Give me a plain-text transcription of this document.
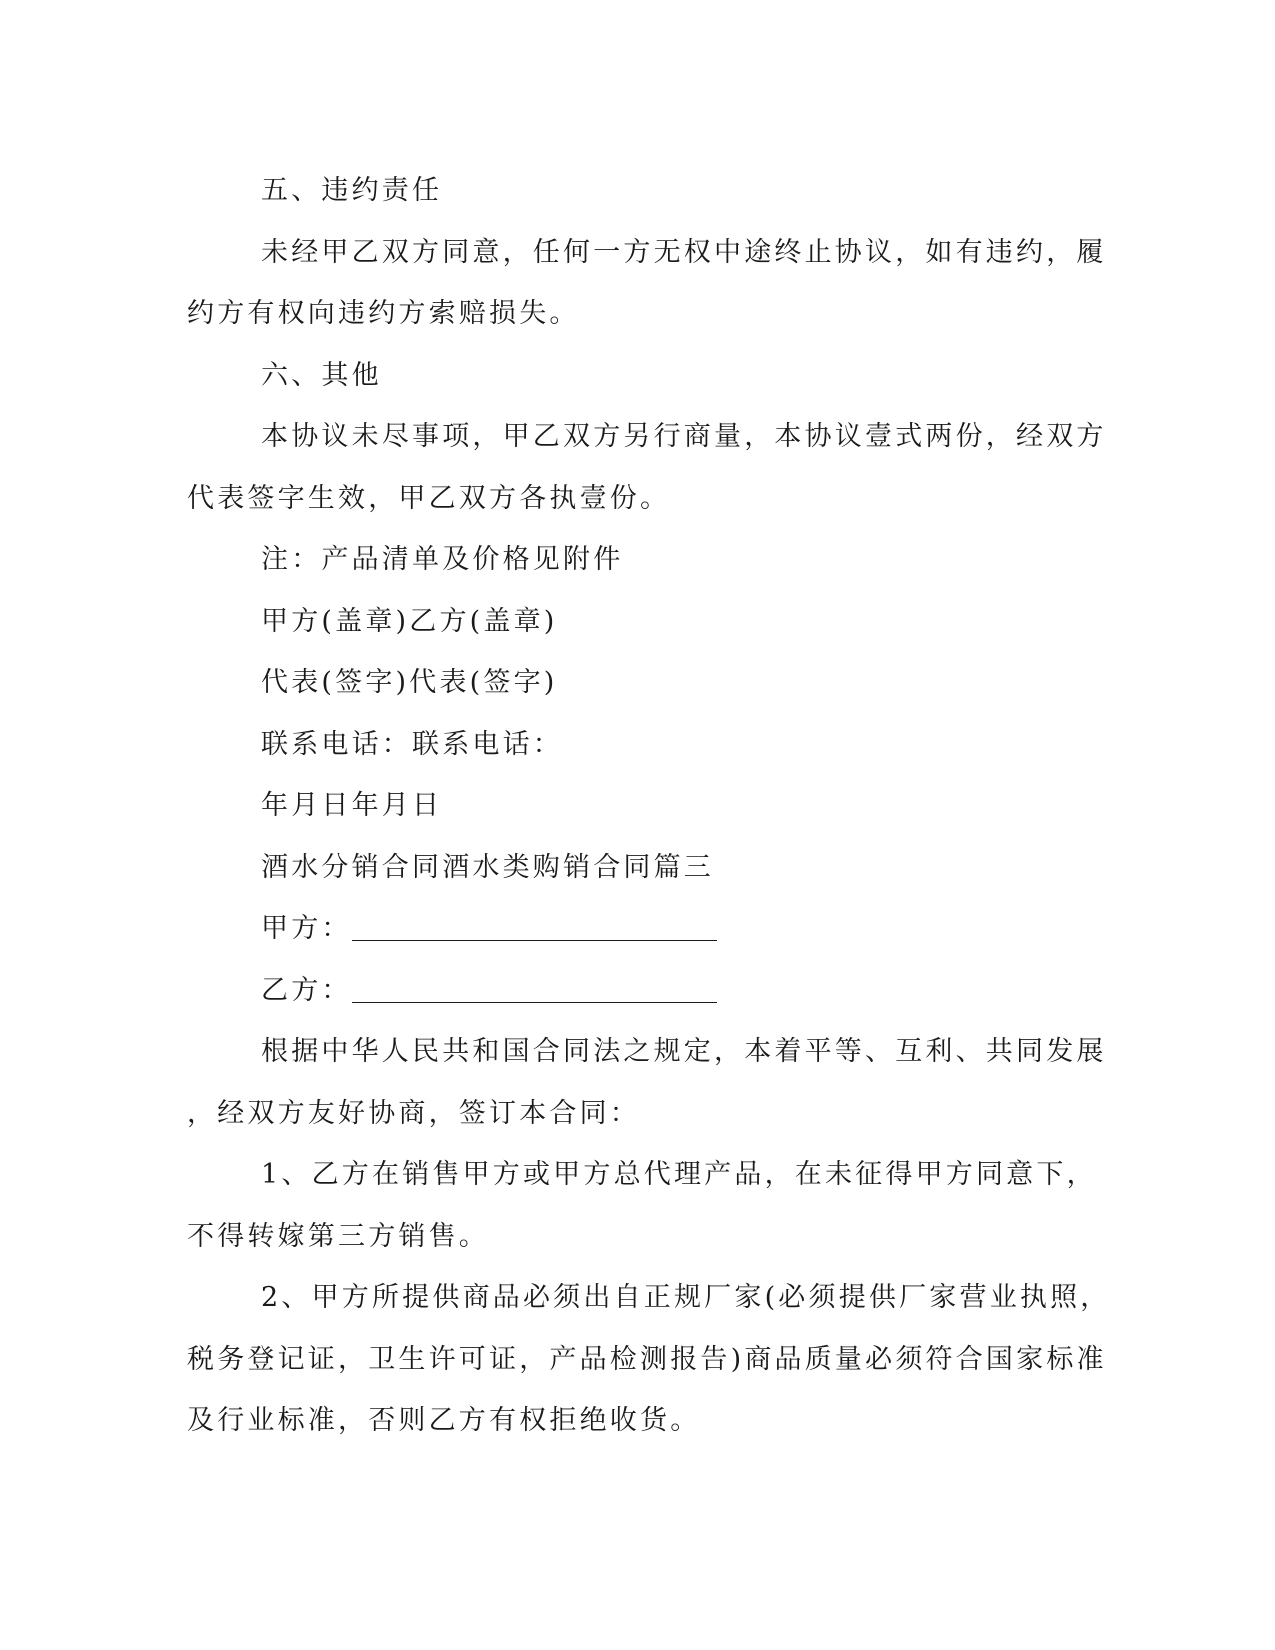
五、违约责任
未经甲乙双方同意，任何一方无权中途终止协议，如有违约，履
约方有权向违约方索赔损失。
六、其他
本协议未尽事项，甲乙双方另行商量，本协议壹式两份，经双方
代表签字生效，甲乙双方各执壹份。
注：产品清单及价格见附件
甲方(盖章)乙方(盖章)
代表(签字)代表(签字)
联系电话：联系电话：
年月日年月日
酒水分销合同酒水类购销合同篇三
甲方：
乙方：
根据中华人民共和国合同法之规定，本着平等、互利、共同发展
，经双方友好协商，签订本合同：
1、乙方在销售甲方或甲方总代理产品，在未征得甲方同意下，
不得转嫁第三方销售。
2、甲方所提供商品必须出自正规厂家(必须提供厂家营业执照，
税务登记证，卫生许可证，产品检测报告)商品质量必须符合国家标准
及行业标准，否则乙方有权拒绝收货。
